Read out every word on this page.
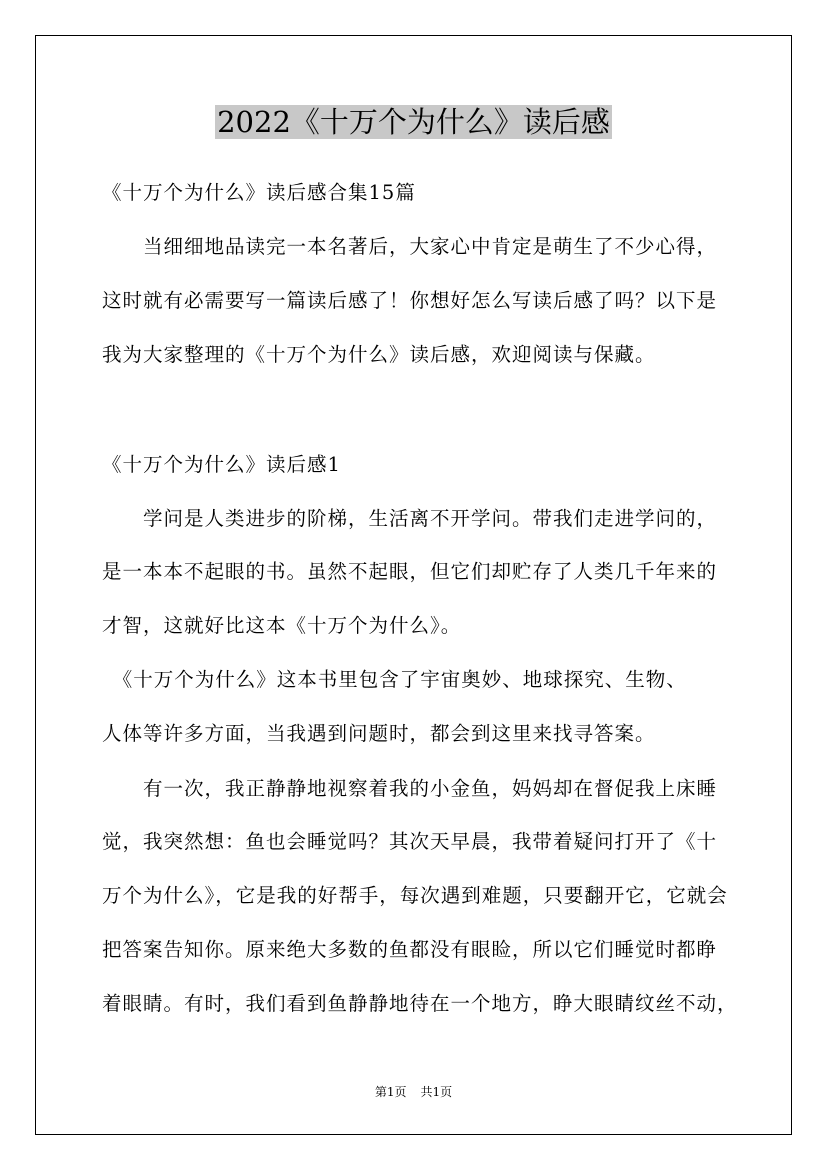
2022《十万个为什么》读后感
《十万个为什么》读后感合集15篇
　　当细细地品读完一本名著后，大家心中肯定是萌生了不少心得，
这时就有必需要写一篇读后感了！你想好怎么写读后感了吗？以下是
我为大家整理的《十万个为什么》读后感，欢迎阅读与保藏。
《十万个为什么》读后感1
　　学问是人类进步的阶梯，生活离不开学问。带我们走进学问的，
是一本本不起眼的书。虽然不起眼，但它们却贮存了人类几千年来的
才智，这就好比这本《十万个为什么》。
　《十万个为什么》这本书里包含了宇宙奥妙、地球探究、生物、
人体等许多方面，当我遇到问题时，都会到这里来找寻答案。
　　有一次，我正静静地视察着我的小金鱼，妈妈却在督促我上床睡
觉，我突然想：鱼也会睡觉吗？其次天早晨，我带着疑问打开了《十
万个为什么》，它是我的好帮手，每次遇到难题，只要翻开它，它就会
把答案告知你。原来绝大多数的鱼都没有眼睑，所以它们睡觉时都睁
着眼睛。有时，我们看到鱼静静地待在一个地方，睁大眼睛纹丝不动，
第1页 共1页
